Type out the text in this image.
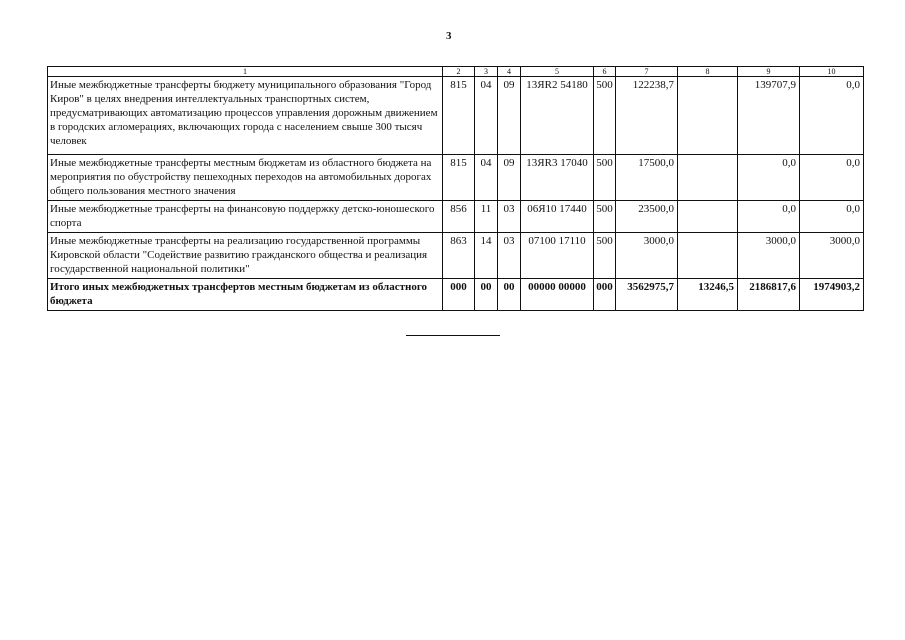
3
1	2	3	4	5	6	7	8	9	10
Иные межбюджетные трансферты бюджету муниципального образования "Город Киров" в целях внедрения интеллектуальных транспортных систем, предусматривающих автоматизацию процессов управления дорожным движением в городских агломерациях, включающих города с населением свыше 300 тысяч человек	815	04	09	13ЯR2 54180	500	122238,7		139707,9	0,0
Иные межбюджетные трансферты местным бюджетам из областного бюджета на мероприятия по обустройству пешеходных переходов на автомобильных дорогах общего пользования местного значения	815	04	09	13ЯR3 17040	500	17500,0		0,0	0,0
Иные межбюджетные трансферты на финансовую поддержку детско-юношеского спорта	856	11	03	06Я10 17440	500	23500,0		0,0	0,0
Иные межбюджетные трансферты на реализацию государственной программы Кировской области "Содействие развитию гражданского общества и реализация государственной национальной политики"	863	14	03	07100 17110	500	3000,0		3000,0	3000,0
Итого иных межбюджетных трансфертов местным бюджетам из областного бюджета	000	00	00	00000 00000	000	3562975,7	13246,5	2186817,6	1974903,2
